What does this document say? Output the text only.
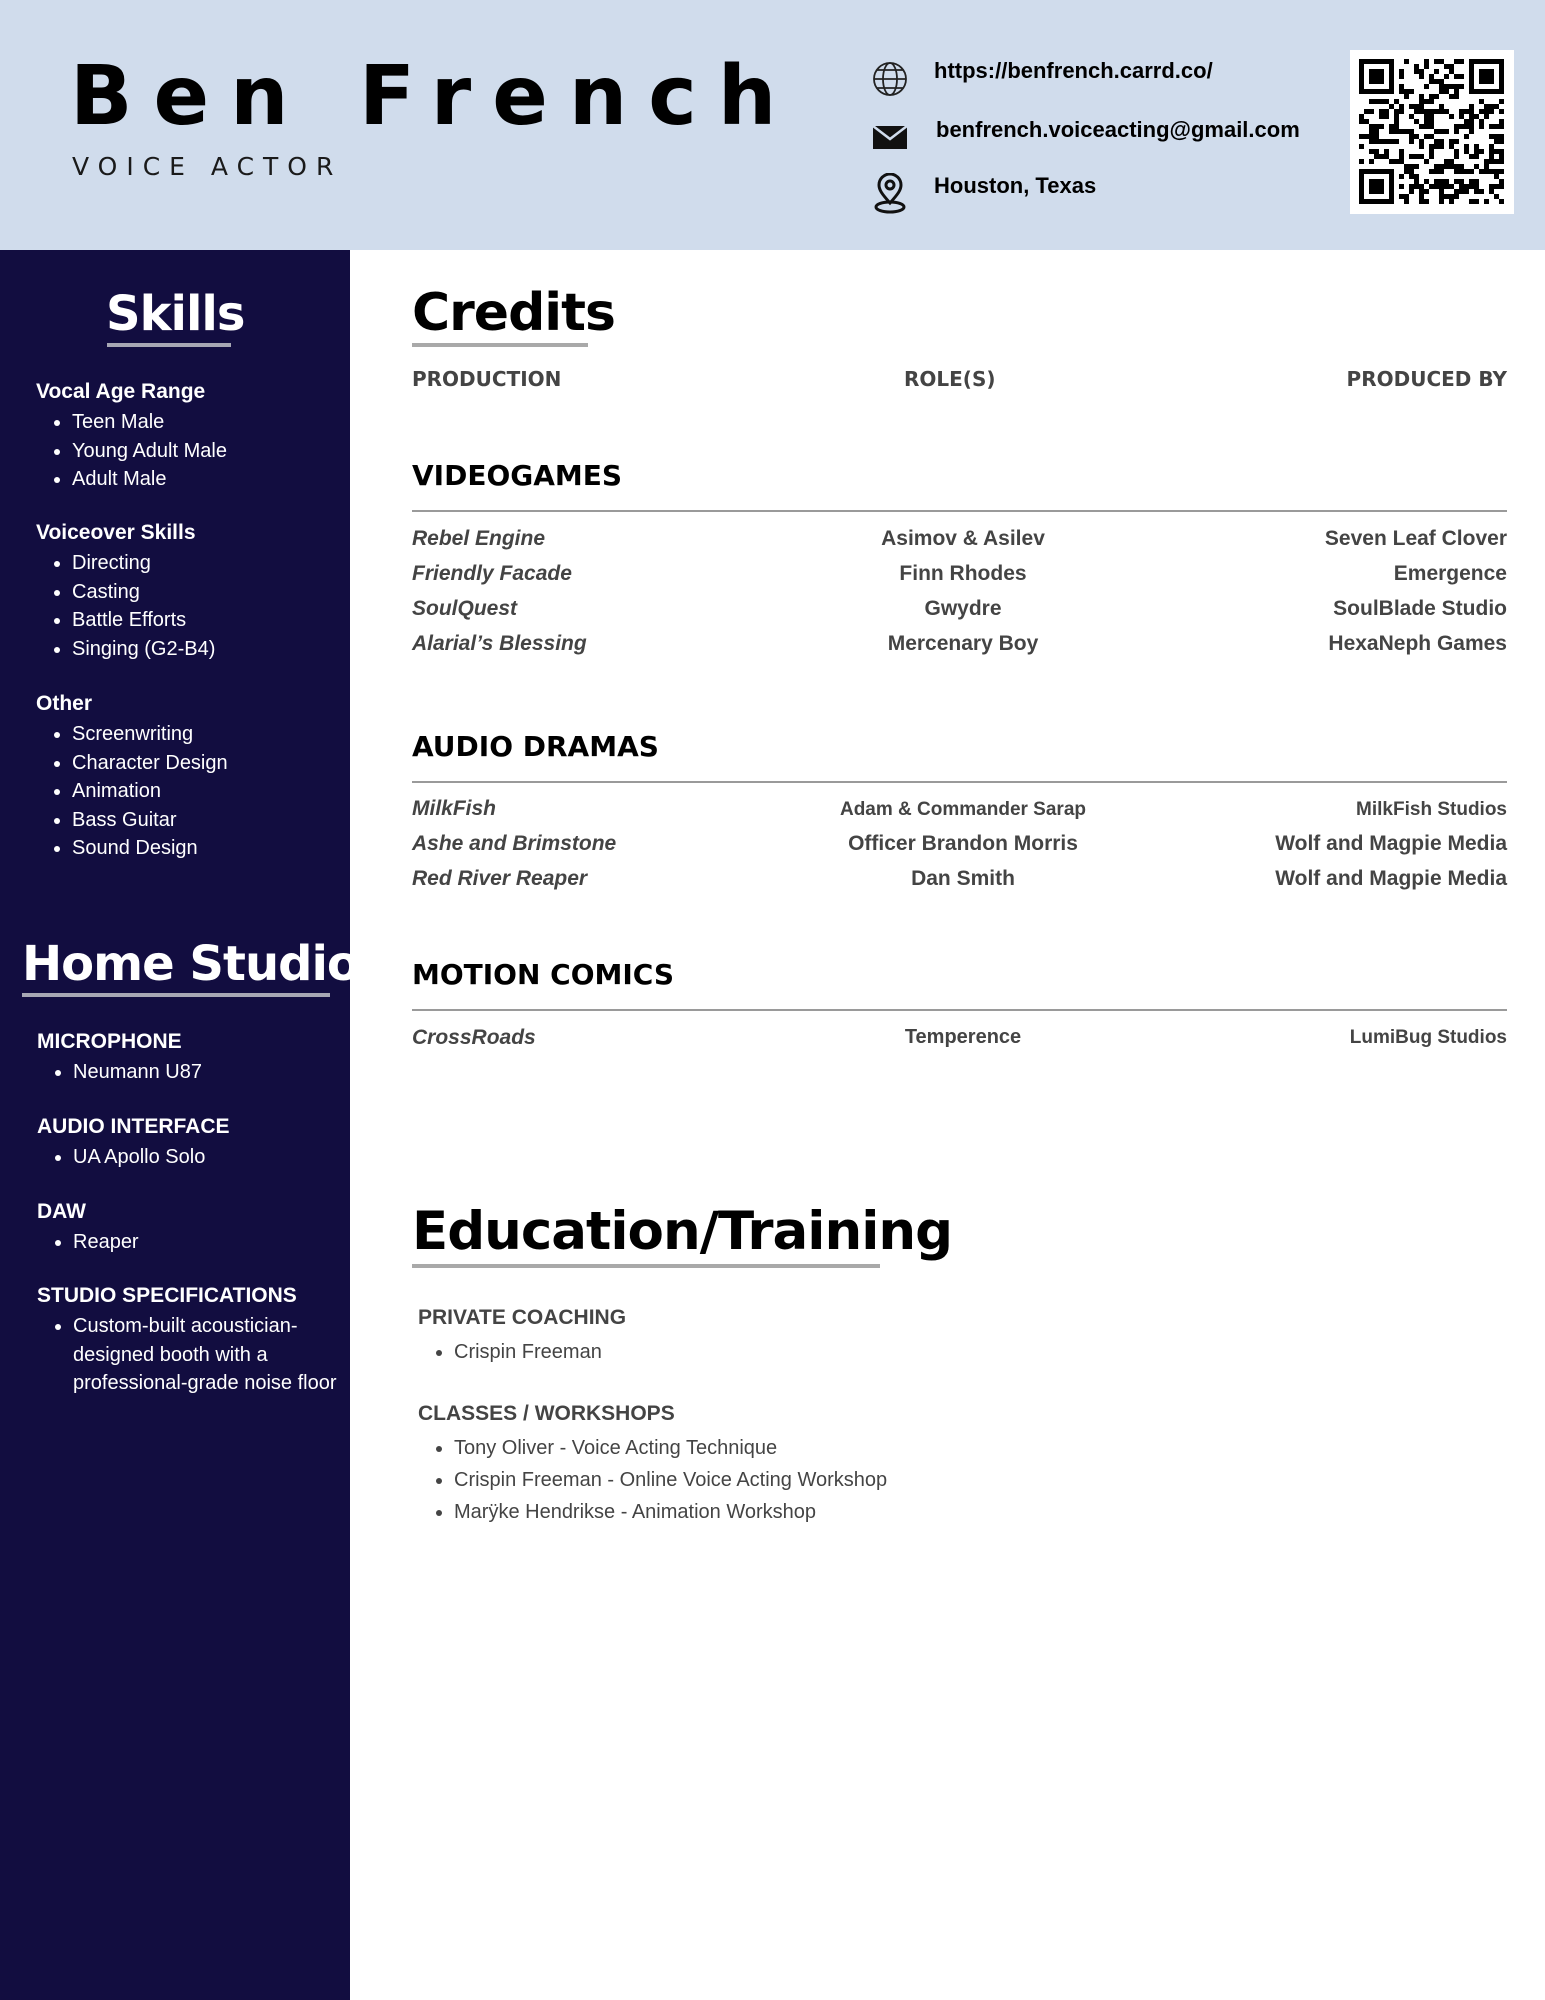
Ben French
VOICE ACTOR
https://benfrench.carrd.co/
benfrench.voiceacting@gmail.com
Houston, Texas
Skills
Vocal Age Range
• Teen Male
• Young Adult Male
• Adult Male
Voiceover Skills
• Directing
• Casting
• Battle Efforts
• Singing (G2-B4)
Other
• Screenwriting
• Character Design
• Animation
• Bass Guitar
• Sound Design
Home Studio
MICROPHONE
• Neumann U87
AUDIO INTERFACE
• UA Apollo Solo
DAW
• Reaper
STUDIO SPECIFICATIONS
• Custom-built acoustician-designed booth with a professional-grade noise floor
Credits
PRODUCTION	ROLE(S)	PRODUCED BY
VIDEOGAMES
Rebel Engine	Asimov & Asilev	Seven Leaf Clover
Friendly Facade	Finn Rhodes	Emergence
SoulQuest	Gwydre	SoulBlade Studio
Alarial’s Blessing	Mercenary Boy	HexaNeph Games
AUDIO DRAMAS
MilkFish	Adam & Commander Sarap	MilkFish Studios
Ashe and Brimstone	Officer Brandon Morris	Wolf and Magpie Media
Red River Reaper	Dan Smith	Wolf and Magpie Media
MOTION COMICS
CrossRoads	Temperence	LumiBug Studios
Education/Training
PRIVATE COACHING
• Crispin Freeman
CLASSES / WORKSHOPS
• Tony Oliver - Voice Acting Technique
• Crispin Freeman - Online Voice Acting Workshop
• Marÿke Hendrikse - Animation Workshop
